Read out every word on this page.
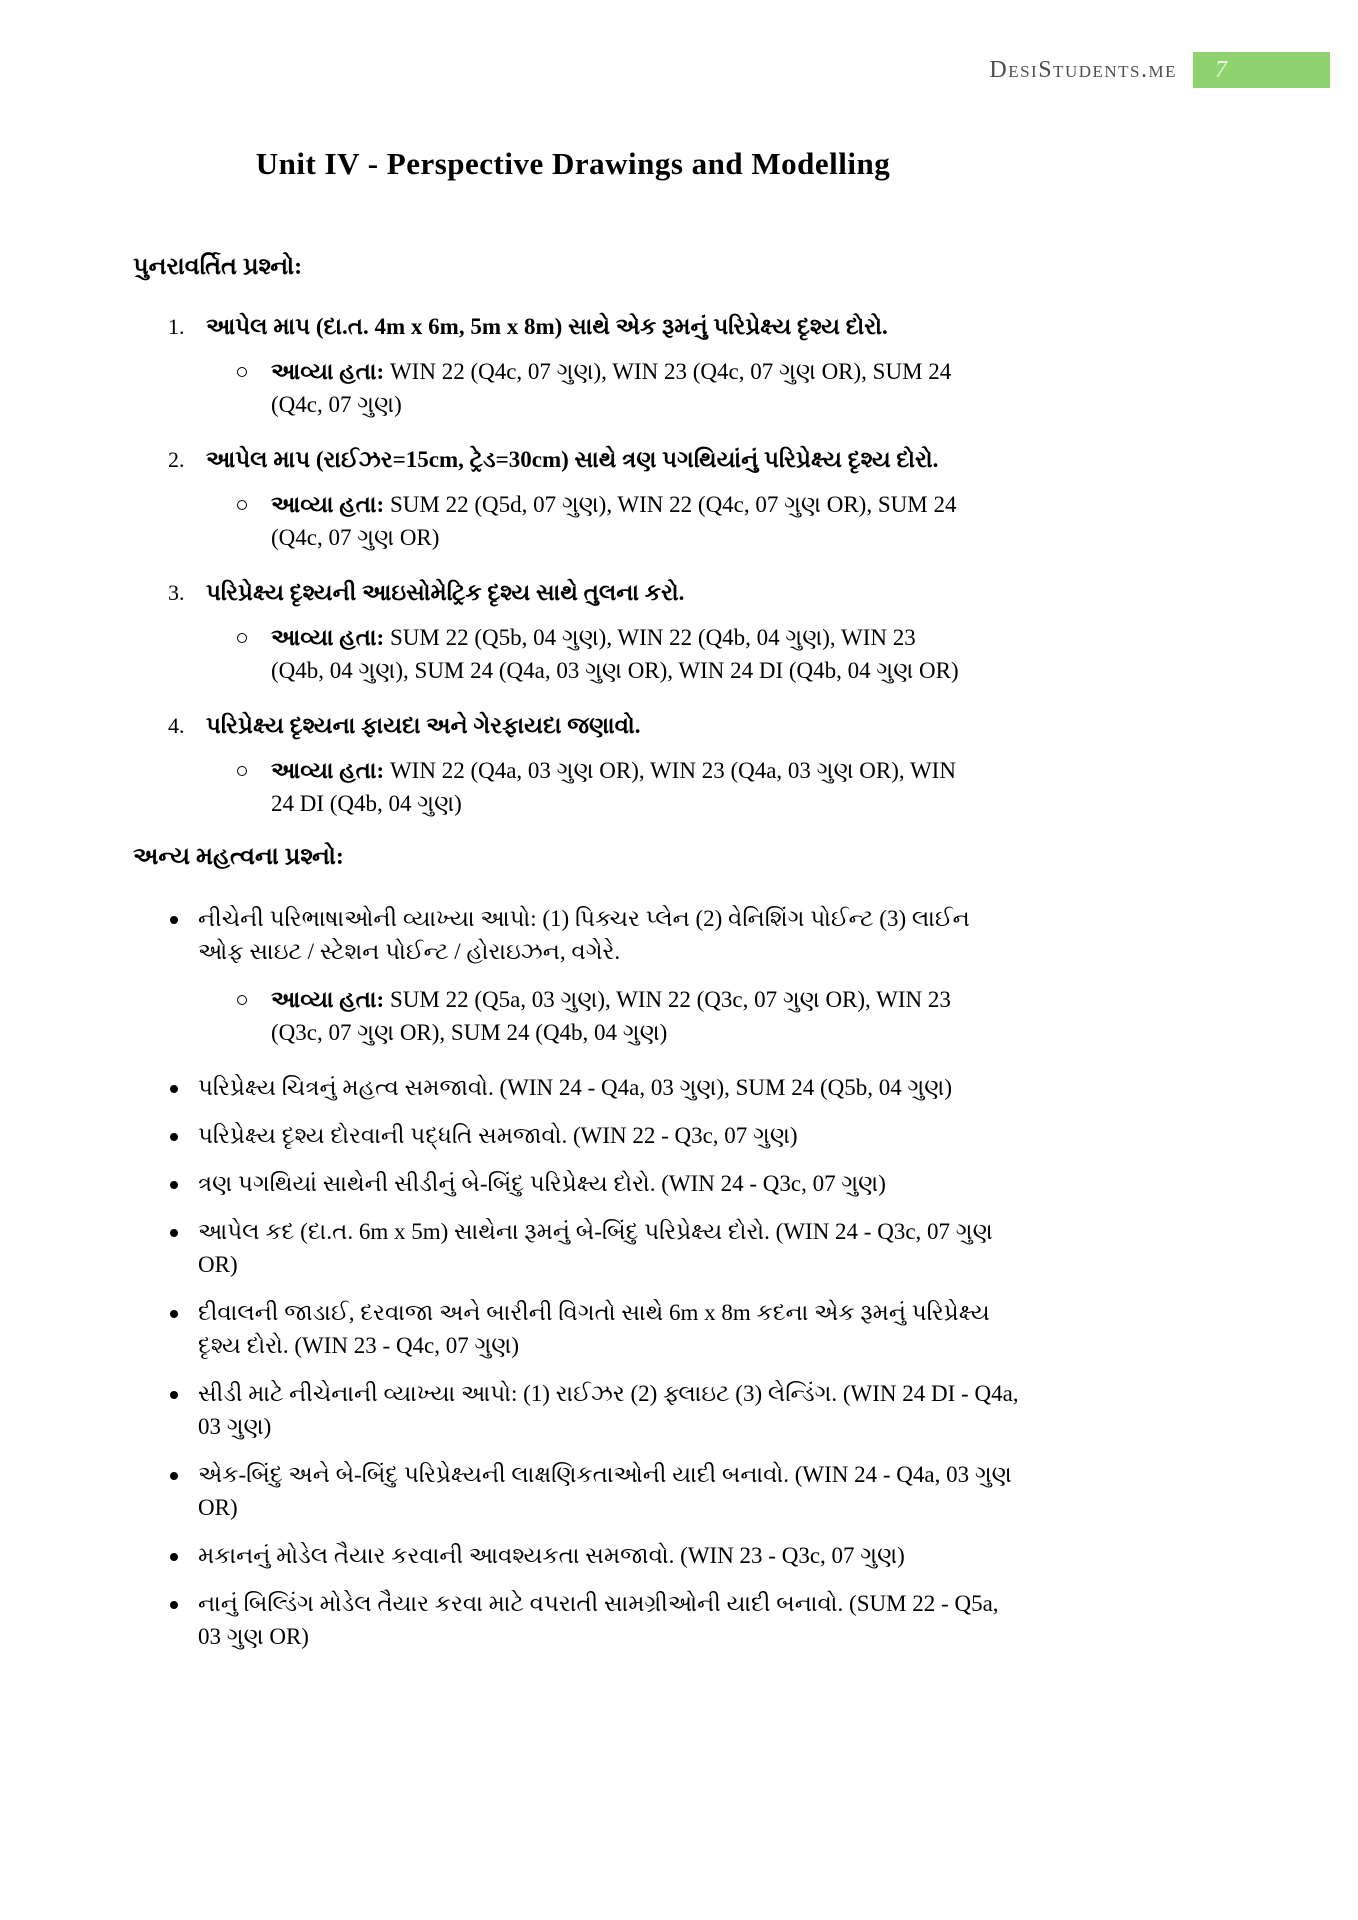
DesiStudents.me 7
Unit IV - Perspective Drawings and Modelling
પુનરાવર્તિત પ્રશ્નો:
1. આપેલ માપ (દા.ત. 4m x 6m, 5m x 8m) સાથે એક રૂમનું પરિપ્રેક્ષ્ય દૃશ્ય દોરો.
આવ્યા હતા: WIN 22 (Q4c, 07 ગુણ), WIN 23 (Q4c, 07 ગુણ OR), SUM 24 (Q4c, 07 ગુણ)
2. આપેલ માપ (રાઈઝર=15cm, ટ્રેડ=30cm) સાથે ત્રણ પગથિયાંનું પરિપ્રેક્ષ્ય દૃશ્ય દોરો.
આવ્યા હતા: SUM 22 (Q5d, 07 ગુણ), WIN 22 (Q4c, 07 ગુણ OR), SUM 24 (Q4c, 07 ગુણ OR)
3. પરિપ્રેક્ષ્ય દૃશ્યની આઇસોમેટ્રિક દૃશ્ય સાથે તુલના કરો.
આવ્યા હતા: SUM 22 (Q5b, 04 ગુણ), WIN 22 (Q4b, 04 ગુણ), WIN 23 (Q4b, 04 ગુણ), SUM 24 (Q4a, 03 ગુણ OR), WIN 24 DI (Q4b, 04 ગુણ OR)
4. પરિપ્રેક્ષ્ય દૃશ્યના ફાયદા અને ગેરફાયદા જણાવો.
આવ્યા હતા: WIN 22 (Q4a, 03 ગુણ OR), WIN 23 (Q4a, 03 ગુણ OR), WIN 24 DI (Q4b, 04 ગુણ)
અન્ય મહત્વના પ્રશ્નો:
નીચેની પરિભાષાઓની વ્યાખ્યા આપો: (1) પિક્ચર પ્લેન (2) વેનિશિંગ પોઈન્ટ (3) લાઈન ઓફ સાઇટ / સ્ટેશન પોઈન્ટ / હોરાઇઝન, વગેરે.
આવ્યા હતા: SUM 22 (Q5a, 03 ગુણ), WIN 22 (Q3c, 07 ગુણ OR), WIN 23 (Q3c, 07 ગુણ OR), SUM 24 (Q4b, 04 ગુણ)
પરિપ્રેક્ષ્ય ચિત્રનું મહત્વ સમજાવો. (WIN 24 - Q4a, 03 ગુણ), SUM 24 (Q5b, 04 ગુણ)
પરિપ્રેક્ષ્ય દૃશ્ય દોરવાની પદ્ધતિ સમજાવો. (WIN 22 - Q3c, 07 ગુણ)
ત્રણ પગથિયાં સાથેની સીડીનું બે-બિંદુ પરિપ્રેક્ષ્ય દોરો. (WIN 24 - Q3c, 07 ગુણ)
આપેલ કદ (દા.ત. 6m x 5m) સાથેના રૂમનું બે-બિંદુ પરિપ્રેક્ષ્ય દોરો. (WIN 24 - Q3c, 07 ગુણ OR)
દીવાલની જાડાઈ, દરવાજા અને બારીની વિગતો સાથે 6m x 8m કદના એક રૂમનું પરિપ્રેક્ષ્ય દૃશ્ય દોરો. (WIN 23 - Q4c, 07 ગુણ)
સીડી માટે નીચેનાની વ્યાખ્યા આપો: (1) રાઈઝર (2) ફ્લાઇટ (3) લેન્ડિંગ. (WIN 24 DI - Q4a, 03 ગુણ)
એક-બિંદુ અને બે-બિંદુ પરિપ્રેક્ષ્યની લાક્ષણિકતાઓની યાદી બનાવો. (WIN 24 - Q4a, 03 ગુણ OR)
મકાનનું મોડેલ તૈયાર કરવાની આવશ્યકતા સમજાવો. (WIN 23 - Q3c, 07 ગુણ)
નાનું બિલ્ડિંગ મોડેલ તૈયાર કરવા માટે વપરાતી સામગ્રીઓની યાદી બનાવો. (SUM 22 - Q5a, 03 ગુણ OR)
